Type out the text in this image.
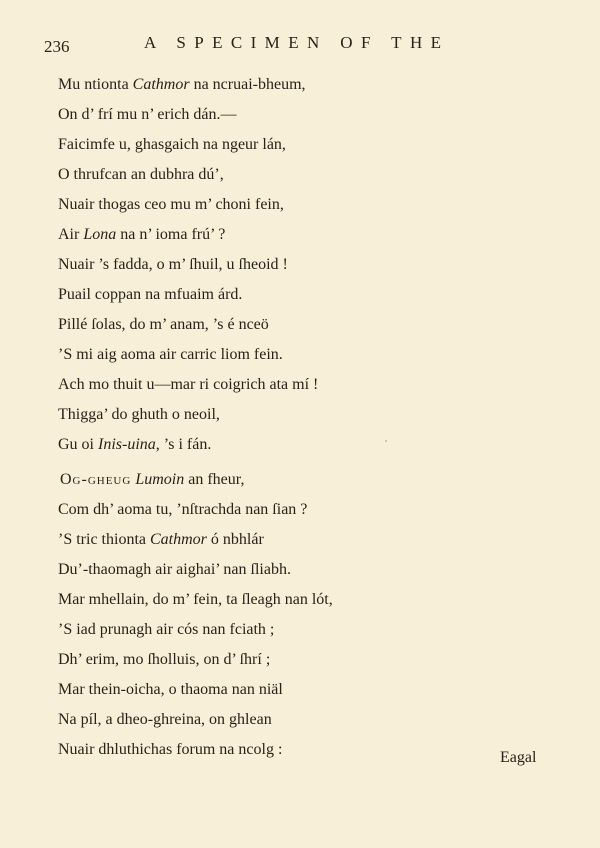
236	A SPECIMEN OF THE
Mu ntionta Cathmor na ncruai-bheum,
On d’ frí mu n’ erich dán.—
Faicimfe u, ghasgaich na ngeur lán,
O thrufcan an dubhra dú’,
Nuair thogas ceo mu m’ choni fein,
Air Lona na n’ ioma frú’ ?
Nuair ’s fadda, o m’ ſhuil, u ſheoid !
Puail coppan na mfuaim árd.
Pillé ſolas, do m’ anam, ’s é nceö
’S mi aig aoma air carric liom fein.
Ach mo thuit u—mar ri coigrich ata mí !
Thigga’ do ghuth o neoil,
Gu oi Inis-uina, ’s i fán.
Og-gheug Lumoin an fheur,
Com dh’ aoma tu, ’nſtrachda nan ſian ?
’S tric thionta Cathmor ó nbhlár
Du’-thaomagh air aighai’ nan ſliabh.
Mar mhellain, do m’ fein, ta ſleagh nan lót,
’S iad prunagh air cós nan fciath ;
Dh’ erim, mo ſholluis, on d’ ſhrí ;
Mar thein-oicha, o thaoma nan niäl
Na píl, a dheo-ghreina, on ghlean
Nuair dhluthichas forum na ncolg :	Eagal
